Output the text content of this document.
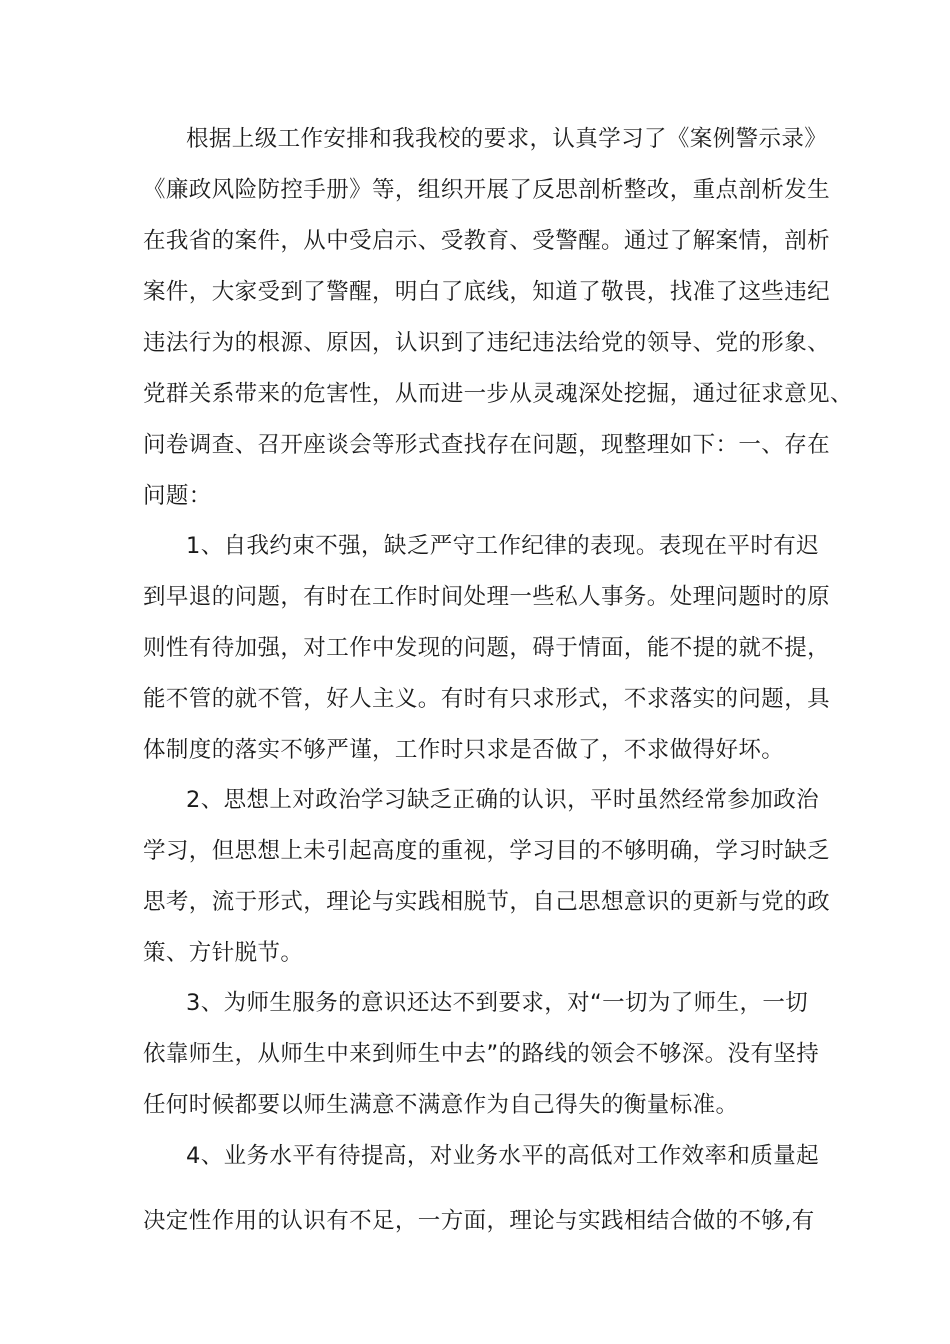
根据上级工作安排和我我校的要求，认真学习了《案例警示录》
《廉政风险防控手册》等，组织开展了反思剖析整改，重点剖析发生
在我省的案件，从中受启示、受教育、受警醒。通过了解案情，剖析
案件，大家受到了警醒，明白了底线，知道了敬畏，找准了这些违纪
违法行为的根源、原因，认识到了违纪违法给党的领导、党的形象、
党群关系带来的危害性，从而进一步从灵魂深处挖掘，通过征求意见、
问卷调查、召开座谈会等形式查找存在问题，现整理如下：一、存在
问题：
1、自我约束不强，缺乏严守工作纪律的表现。表现在平时有迟
到早退的问题，有时在工作时间处理一些私人事务。处理问题时的原
则性有待加强，对工作中发现的问题，碍于情面，能不提的就不提，
能不管的就不管，好人主义。有时有只求形式，不求落实的问题，具
体制度的落实不够严谨，工作时只求是否做了，不求做得好坏。
2、思想上对政治学习缺乏正确的认识，平时虽然经常参加政治
学习，但思想上未引起高度的重视，学习目的不够明确，学习时缺乏
思考，流于形式，理论与实践相脱节，自己思想意识的更新与党的政
策、方针脱节。
3、为师生服务的意识还达不到要求，对“一切为了师生，一切
依靠师生，从师生中来到师生中去”的路线的领会不够深。没有坚持
任何时候都要以师生满意不满意作为自己得失的衡量标准。
4、业务水平有待提高，对业务水平的高低对工作效率和质量起
决定性作用的认识有不足，一方面，理论与实践相结合做的不够,有
